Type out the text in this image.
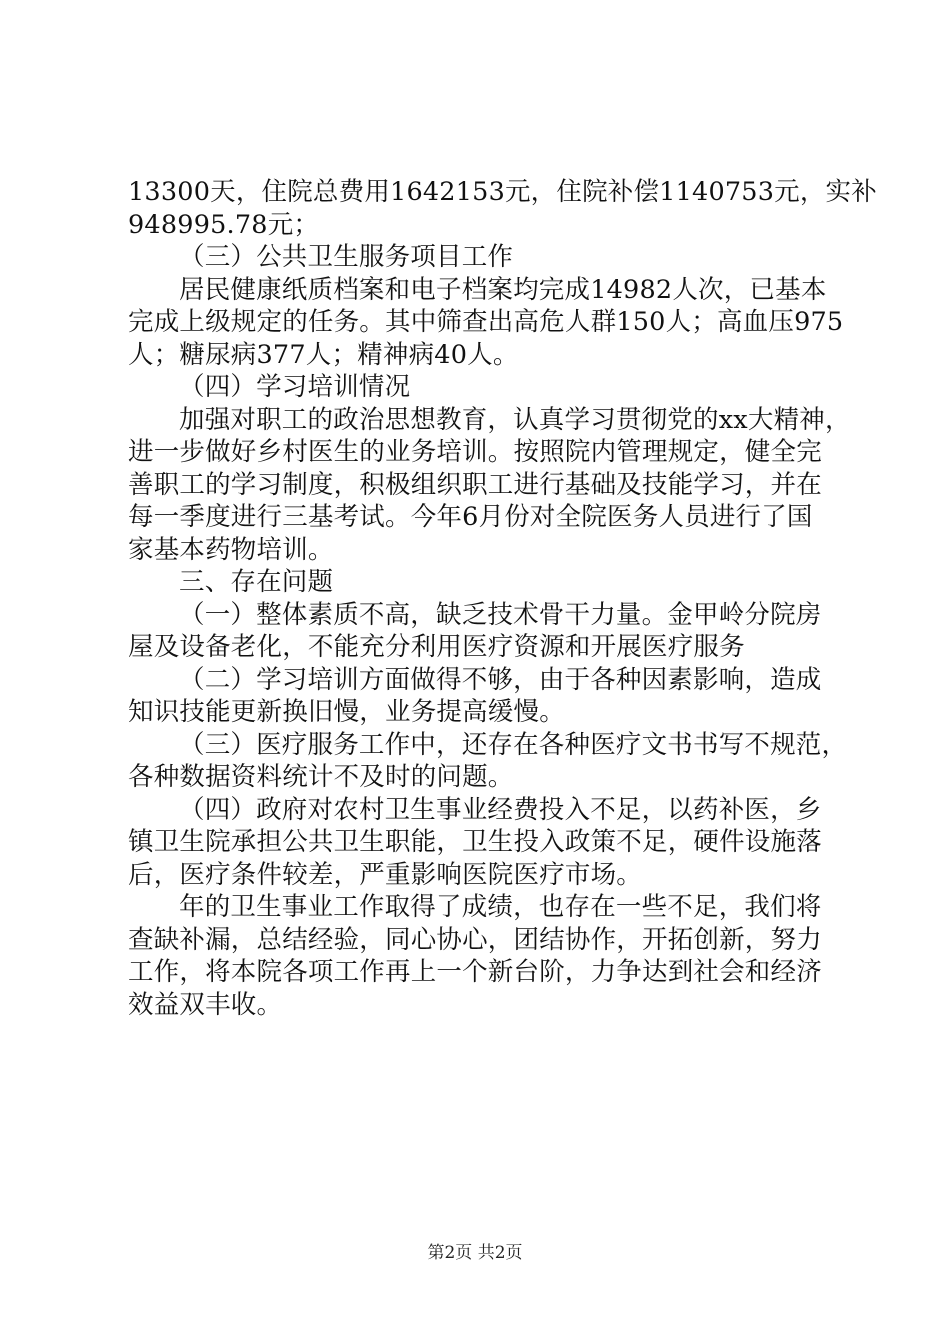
13300天，住院总费用1642153元，住院补偿1140753元，实补
948995.78元；
（三）公共卫生服务项目工作
居民健康纸质档案和电子档案均完成14982人次，已基本
完成上级规定的任务。其中筛查出高危人群150人；高血压975
人；糖尿病377人；精神病40人。
（四）学习培训情况
加强对职工的政治思想教育，认真学习贯彻党的xx大精神，
进一步做好乡村医生的业务培训。按照院内管理规定，健全完
善职工的学习制度，积极组织职工进行基础及技能学习，并在
每一季度进行三基考试。今年6月份对全院医务人员进行了国
家基本药物培训。
三、存在问题
（一）整体素质不高，缺乏技术骨干力量。金甲岭分院房
屋及设备老化，不能充分利用医疗资源和开展医疗服务
（二）学习培训方面做得不够，由于各种因素影响，造成
知识技能更新换旧慢，业务提高缓慢。
（三）医疗服务工作中，还存在各种医疗文书书写不规范，
各种数据资料统计不及时的问题。
（四）政府对农村卫生事业经费投入不足，以药补医，乡
镇卫生院承担公共卫生职能，卫生投入政策不足，硬件设施落
后，医疗条件较差，严重影响医院医疗市场。
年的卫生事业工作取得了成绩，也存在一些不足，我们将
查缺补漏，总结经验，同心协心，团结协作，开拓创新，努力
工作，将本院各项工作再上一个新台阶，力争达到社会和经济
效益双丰收。
第2页 共2页
